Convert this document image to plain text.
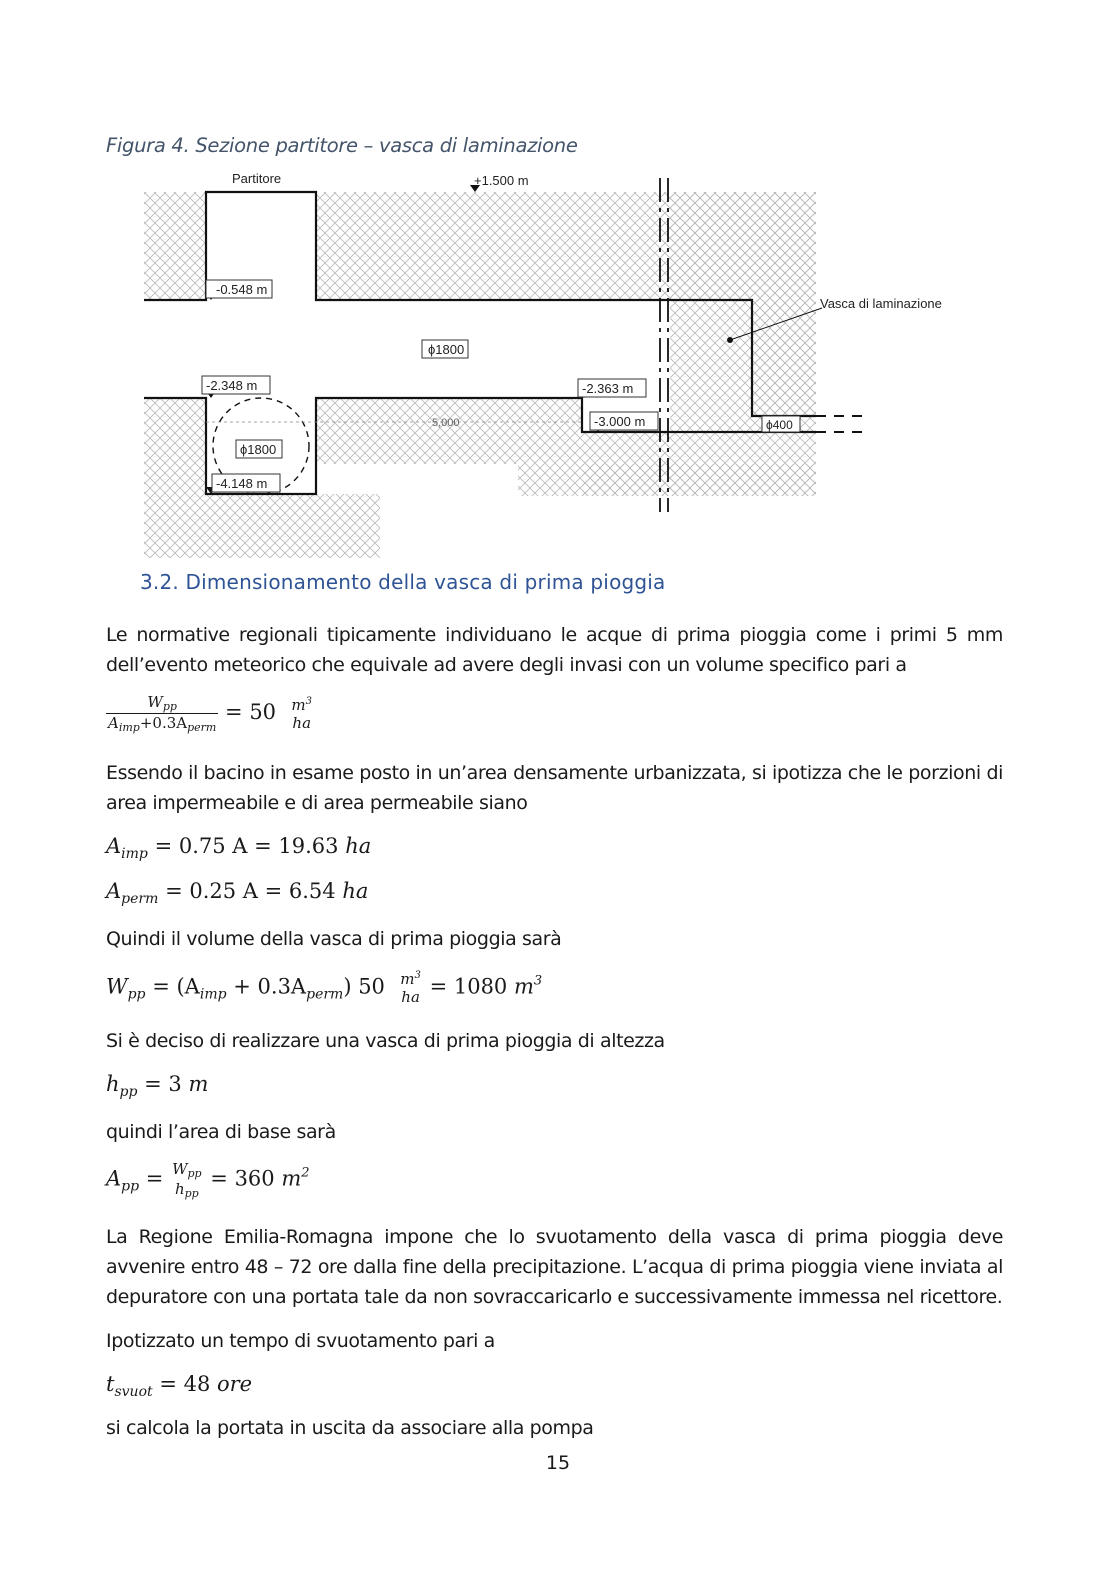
Figura 4. Sezione partitore – vasca di laminazione
Partitore	+1.500 m
Vasca di laminazione
-0.548 m
ϕ1800
-2.348 m	-2.363 m
-3.000 m
ϕ1800
-4.148 m
ϕ400
5,000
3.2. Dimensionamento della vasca di prima pioggia
Le normative regionali tipicamente individuano le acque di prima pioggia come i primi 5 mm dell’evento meteorico che equivale ad avere degli invasi con un volume specifico pari a
$\frac{W_{pp}}{A_{imp}+0.3A_{perm}} = 50$ $m^3$
ha
Essendo il bacino in esame posto in un’area densamente urbanizzata, si ipotizza che le porzioni di area impermeabile e di area permeabile siano
$A_{imp} = 0.75$ A = 19.63 ha
$A_{perm} = 0.25$ A = 6.54 ha
Quindi il volume della vasca di prima pioggia sarà
$W_{pp} = (A_{imp} + 0.3A_{perm})$ 50 $m^3$
ha = 1080 $m^3$
Si è deciso di realizzare una vasca di prima pioggia di altezza
$h_{pp} = 3$ m
quindi l’area di base sarà
$A_{pp} = W_{pp}$
$h_{pp}$
= 360 $m^2$
La Regione Emilia-Romagna impone che lo svuotamento della vasca di prima pioggia deve avvenire entro 48 – 72 ore dalla fine della precipitazione. L’acqua di prima pioggia viene inviata al depuratore con una portata tale da non sovraccaricarlo e successivamente immessa nel ricettore.
Ipotizzato un tempo di svuotamento pari a
$t_{svuot} = 48$ ore
si calcola la portata in uscita da associare alla pompa
15
